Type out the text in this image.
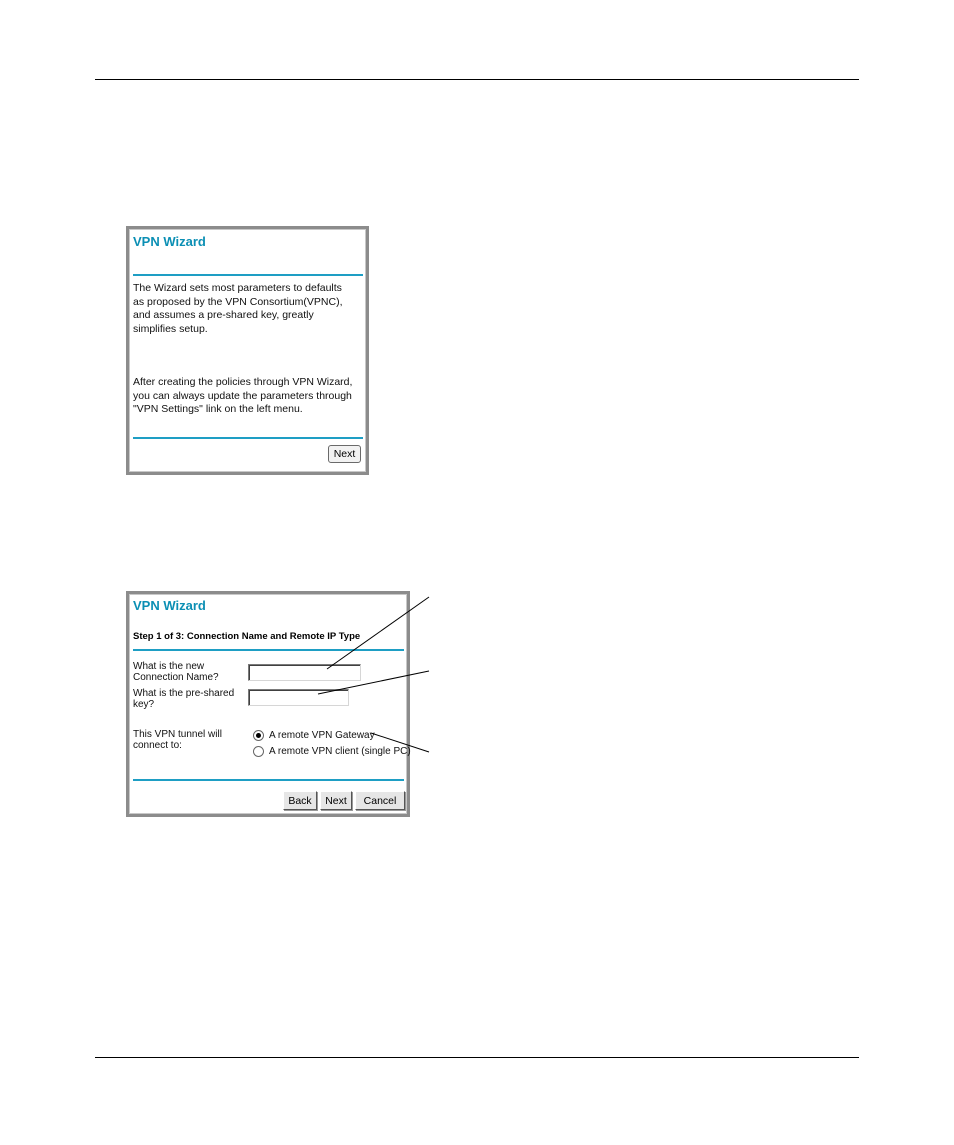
VPN Wizard
The Wizard sets most parameters to defaults
as proposed by the VPN Consortium(VPNC),
and assumes a pre-shared key, greatly
simplifies setup.
After creating the policies through VPN Wizard,
you can always update the parameters through
"VPN Settings" link on the left menu.
Next
VPN Wizard
Step 1 of 3: Connection Name and Remote IP Type
What is the new
Connection Name?
What is the pre-shared
key?
This VPN tunnel will
connect to:
A remote VPN Gateway
A remote VPN client (single PC)
Back	Next	Cancel
